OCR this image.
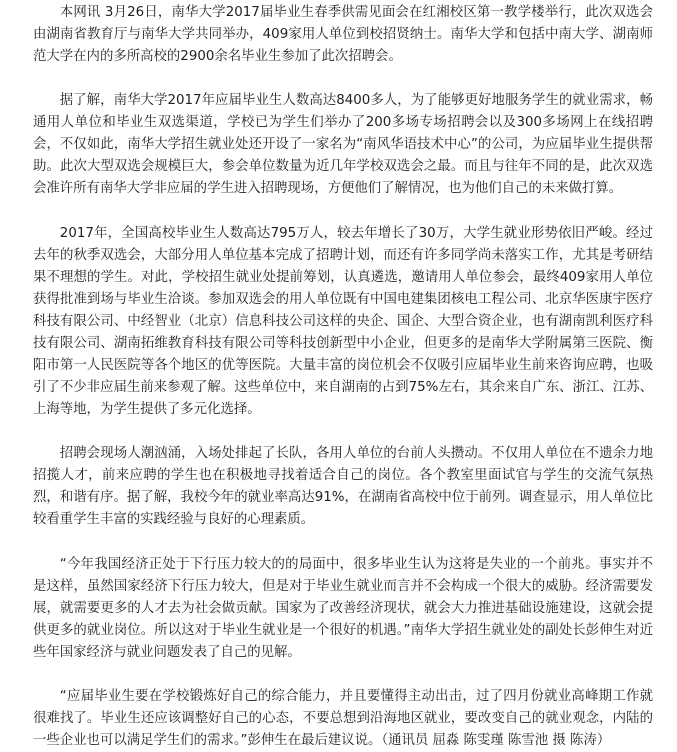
本网讯 3月26日，南华大学2017届毕业生春季供需见面会在红湘校区第一教学楼举行，此次双选会由湖南省教育厅与南华大学共同举办，409家用人单位到校招贤纳士。南华大学和包括中南大学、湖南师范大学在内的多所高校的2900余名毕业生参加了此次招聘会。

据了解，南华大学2017年应届毕业生人数高达8400多人，为了能够更好地服务学生的就业需求，畅通用人单位和毕业生双选渠道，学校已为学生们举办了200多场专场招聘会以及300多场网上在线招聘会，不仅如此，南华大学招生就业处还开设了一家名为“南风华语技术中心”的公司，为应届毕业生提供帮助。此次大型双选会规模巨大，参会单位数量为近几年学校双选会之最。而且与往年不同的是，此次双选会准许所有南华大学非应届的学生进入招聘现场，方便他们了解情况，也为他们自己的未来做打算。

2017年，全国高校毕业生人数高达795万人，较去年增长了30万，大学生就业形势依旧严峻。经过去年的秋季双选会，大部分用人单位基本完成了招聘计划，而还有许多同学尚未落实工作，尤其是考研结果不理想的学生。对此，学校招生就业处提前筹划，认真遴选，邀请用人单位参会，最终409家用人单位获得批准到场与毕业生洽谈。参加双选会的用人单位既有中国电建集团核电工程公司、北京华医康宇医疗科技有限公司、中经智业（北京）信息科技公司这样的央企、国企、大型合资企业，也有湖南凯利医疗科技有限公司、湖南拓维教育科技有限公司等科技创新型中小企业，但更多的是南华大学附属第三医院、衡阳市第一人民医院等各个地区的优等医院。大量丰富的岗位机会不仅吸引应届毕业生前来咨询应聘，也吸引了不少非应届生前来参观了解。这些单位中，来自湖南的占到75%左右，其余来自广东、浙江、江苏、上海等地，为学生提供了多元化选择。

招聘会现场人潮汹涌，入场处排起了长队，各用人单位的台前人头攒动。不仅用人单位在不遗余力地招揽人才，前来应聘的学生也在积极地寻找着适合自己的岗位。各个教室里面试官与学生的交流气氛热烈，和谐有序。据了解，我校今年的就业率高达91%，在湖南省高校中位于前列。调查显示，用人单位比较看重学生丰富的实践经验与良好的心理素质。

“今年我国经济正处于下行压力较大的的局面中，很多毕业生认为这将是失业的一个前兆。事实并不是这样，虽然国家经济下行压力较大，但是对于毕业生就业而言并不会构成一个很大的威胁。经济需要发展，就需要更多的人才去为社会做贡献。国家为了改善经济现状，就会大力推进基础设施建设，这就会提供更多的就业岗位。所以这对于毕业生就业是一个很好的机遇。”南华大学招生就业处的副处长彭伸生对近些年国家经济与就业问题发表了自己的见解。

“应届毕业生要在学校锻炼好自己的综合能力，并且要懂得主动出击，过了四月份就业高峰期工作就很难找了。毕业生还应该调整好自己的心态，不要总想到沿海地区就业，要改变自己的就业观念，内陆的一些企业也可以满足学生们的需求。”彭伸生在最后建议说。（通讯员 屈淼 陈雯瑾 陈雪池 摄 陈涛）
